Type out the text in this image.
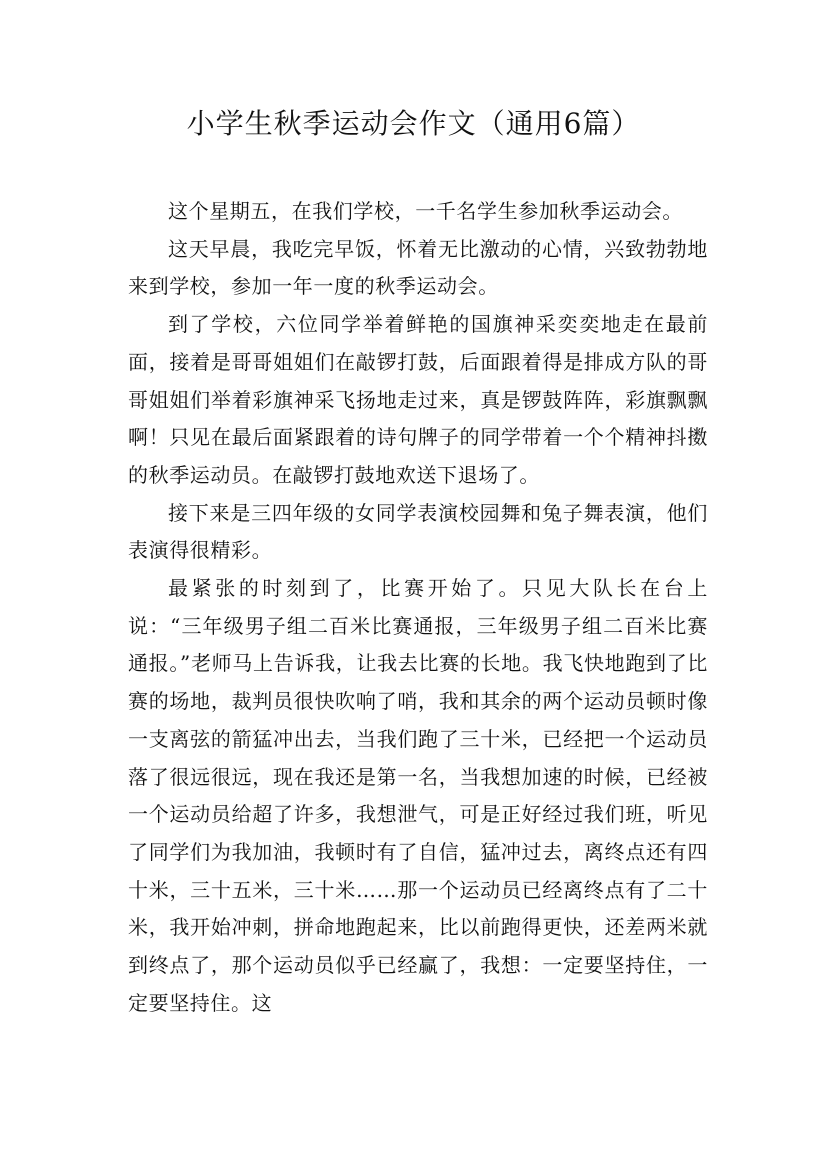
小学生秋季运动会作文（通用6篇）

这个星期五，在我们学校，一千名学生参加秋季运动会。

这天早晨，我吃完早饭，怀着无比激动的心情，兴致勃勃地来到学校，参加一年一度的秋季运动会。

到了学校，六位同学举着鲜艳的国旗神采奕奕地走在最前面，接着是哥哥姐姐们在敲锣打鼓，后面跟着得是排成方队的哥哥姐姐们举着彩旗神采飞扬地走过来，真是锣鼓阵阵，彩旗飘飘啊！只见在最后面紧跟着的诗句牌子的同学带着一个个精神抖擞的秋季运动员。在敲锣打鼓地欢送下退场了。

接下来是三四年级的女同学表演校园舞和兔子舞表演，他们表演得很精彩。

最紧张的时刻到了，比赛开始了。只见大队长在台上说：“三年级男子组二百米比赛通报，三年级男子组二百米比赛通报。”老师马上告诉我，让我去比赛的长地。我飞快地跑到了比赛的场地，裁判员很快吹响了哨，我和其余的两个运动员顿时像一支离弦的箭猛冲出去，当我们跑了三十米，已经把一个运动员落了很远很远，现在我还是第一名，当我想加速的时候，已经被一个运动员给超了许多，我想泄气，可是正好经过我们班，听见了同学们为我加油，我顿时有了自信，猛冲过去，离终点还有四十米，三十五米，三十米……那一个运动员已经离终点有了二十米，我开始冲刺，拼命地跑起来，比以前跑得更快，还差两米就到终点了，那个运动员似乎已经赢了，我想：一定要坚持住，一定要坚持住。这
